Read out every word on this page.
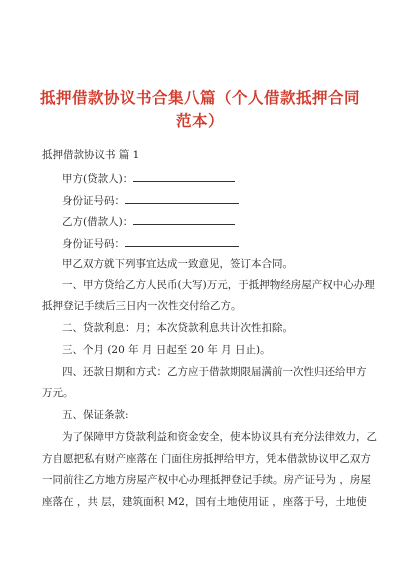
抵押借款协议书合集八篇（个人借款抵押合同
范本）
抵押借款协议书 篇 1
甲方(贷款人)：
身份证号码：
乙方(借款人)：
身份证号码：
甲乙双方就下列事宜达成一致意见，签订本合同。
一、甲方贷给乙方人民币(大写)万元，于抵押物经房屋产权中心办理
抵押登记手续后三日内一次性交付给乙方。
二、贷款利息：月；本次贷款利息共计次性扣除。
三、个月 (20 年 月 日起至 20 年 月 日止)。
四、还款日期和方式：乙方应于借款期限届满前一次性归还给甲方
万元。
五、保证条款:
为了保障甲方贷款利益和资金安全，使本协议具有充分法律效力，乙
方自愿把私有财产座落在 门面住房抵押给甲方，凭本借款协议甲乙双方
一同前往乙方地方房屋产权中心办理抵押登记手续。房产证号为 ，房屋
座落在 ，共 层，建筑面积 M2，国有土地使用证 ，座落于号，土地使
